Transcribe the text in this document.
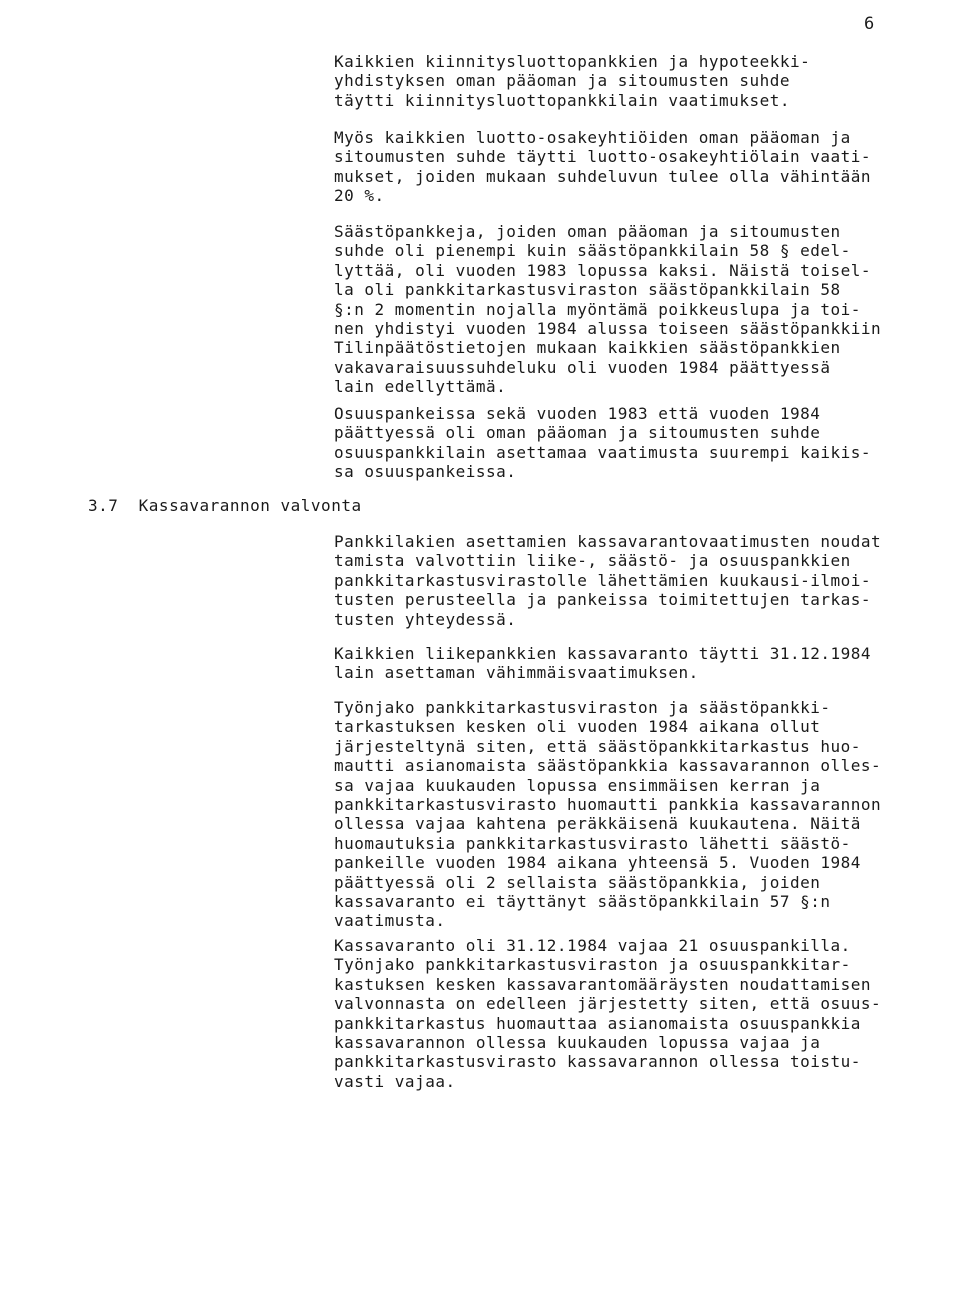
6
3.7  Kassavarannon valvonta

Kaikkien kiinnitysluottopankkien ja hypoteekki-
yhdistyksen oman pääoman ja sitoumusten suhde
täytti kiinnitysluottopankkilain vaatimukset.

Myös kaikkien luotto-osakeyhtiöiden oman pääoman ja
sitoumusten suhde täytti luotto-osakeyhtiölain vaati-
mukset, joiden mukaan suhdeluvun tulee olla vähintään
20 %.

Säästöpankkeja, joiden oman pääoman ja sitoumusten
suhde oli pienempi kuin säästöpankkilain 58 § edel-
lyttää, oli vuoden 1983 lopussa kaksi. Näistä toisel-
la oli pankkitarkastusviraston säästöpankkilain 58
§:n 2 momentin nojalla myöntämä poikkeuslupa ja toi-
nen yhdistyi vuoden 1984 alussa toiseen säästöpankkiin
Tilinpäätöstietojen mukaan kaikkien säästöpankkien
vakavaraisuussuhdeluku oli vuoden 1984 päättyessä
lain edellyttämä.

Osuuspankeissa sekä vuoden 1983 että vuoden 1984
päättyessä oli oman pääoman ja sitoumusten suhde
osuuspankkilain asettamaa vaatimusta suurempi kaikis-
sa osuuspankeissa.

Pankkilakien asettamien kassavarantovaatimusten noudat
tamista valvottiin liike-, säästö- ja osuuspankkien
pankkitarkastusvirastolle lähettämien kuukausi-ilmoi-
tusten perusteella ja pankeissa toimitettujen tarkas-
tusten yhteydessä.

Kaikkien liikepankkien kassavaranto täytti 31.12.1984
lain asettaman vähimmäisvaatimuksen.

Työnjako pankkitarkastusviraston ja säästöpankki-
tarkastuksen kesken oli vuoden 1984 aikana ollut
järjesteltynä siten, että säästöpankkitarkastus huo-
mautti asianomaista säästöpankkia kassavarannon olles-
sa vajaa kuukauden lopussa ensimmäisen kerran ja
pankkitarkastusvirasto huomautti pankkia kassavarannon
ollessa vajaa kahtena peräkkäisenä kuukautena. Näitä
huomautuksia pankkitarkastusvirasto lähetti säästö-
pankeille vuoden 1984 aikana yhteensä 5. Vuoden 1984
päättyessä oli 2 sellaista säästöpankkia, joiden
kassavaranto ei täyttänyt säästöpankkilain 57 §:n
vaatimusta.

Kassavaranto oli 31.12.1984 vajaa 21 osuuspankilla.
Työnjako pankkitarkastusviraston ja osuuspankkitar-
kastuksen kesken kassavarantomääräysten noudattamisen
valvonnasta on edelleen järjestetty siten, että osuus-
pankkitarkastus huomauttaa asianomaista osuuspankkia
kassavarannon ollessa kuukauden lopussa vajaa ja
pankkitarkastusvirasto kassavarannon ollessa toistu-
vasti vajaa.
